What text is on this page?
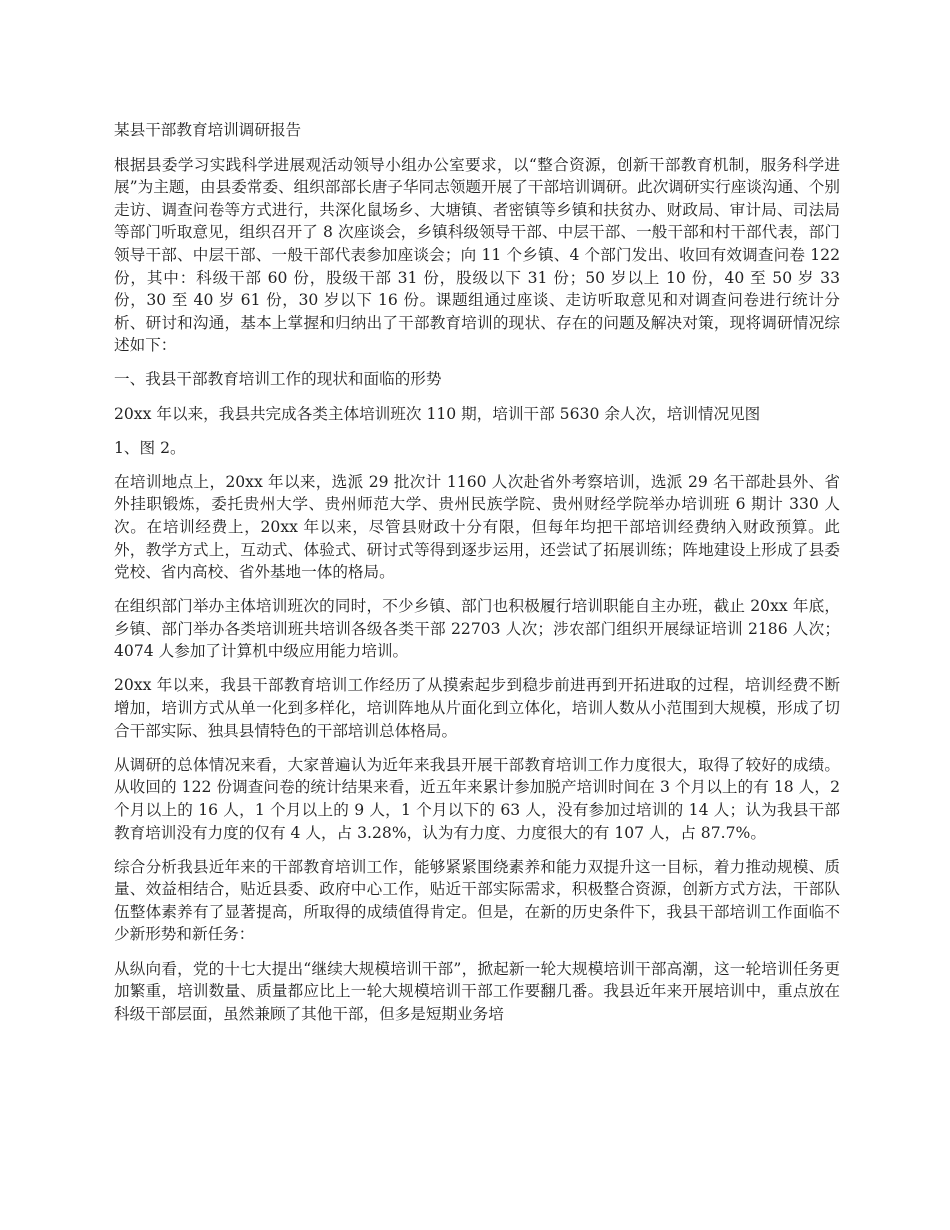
某县干部教育培训调研报告
根据县委学习实践科学进展观活动领导小组办公室要求，以“整合资源，创新干部教育机制，服务科学进展”为主题，由县委常委、组织部部长唐子华同志领题开展了干部培训调研。此次调研实行座谈沟通、个别走访、调查问卷等方式进行，共深化鼠场乡、大塘镇、者密镇等乡镇和扶贫办、财政局、审计局、司法局等部门听取意见，组织召开了 8 次座谈会，乡镇科级领导干部、中层干部、一般干部和村干部代表，部门领导干部、中层干部、一般干部代表参加座谈会；向 11 个乡镇、4 个部门发出、收回有效调查问卷 122 份，其中：科级干部 60 份，股级干部 31 份，股级以下 31 份；50 岁以上 10 份，40 至 50 岁 33 份，30 至 40 岁 61 份，30 岁以下 16 份。课题组通过座谈、走访听取意见和对调查问卷进行统计分析、研讨和沟通，基本上掌握和归纳出了干部教育培训的现状、存在的问题及解决对策，现将调研情况综述如下：
一、我县干部教育培训工作的现状和面临的形势
20xx 年以来，我县共完成各类主体培训班次 110 期，培训干部 5630 余人次，培训情况见图
1、图 2。
在培训地点上，20xx 年以来，选派 29 批次计 1160 人次赴省外考察培训，选派 29 名干部赴县外、省外挂职锻炼，委托贵州大学、贵州师范大学、贵州民族学院、贵州财经学院举办培训班 6 期计 330 人次。在培训经费上，20xx 年以来，尽管县财政十分有限，但每年均把干部培训经费纳入财政预算。此外，教学方式上，互动式、体验式、研讨式等得到逐步运用，还尝试了拓展训练；阵地建设上形成了县委党校、省内高校、省外基地一体的格局。
在组织部门举办主体培训班次的同时，不少乡镇、部门也积极履行培训职能自主办班，截止 20xx 年底，乡镇、部门举办各类培训班共培训各级各类干部 22703 人次；涉农部门组织开展绿证培训 2186 人次；4074 人参加了计算机中级应用能力培训。
20xx 年以来，我县干部教育培训工作经历了从摸索起步到稳步前进再到开拓进取的过程，培训经费不断增加，培训方式从单一化到多样化，培训阵地从片面化到立体化，培训人数从小范围到大规模，形成了切合干部实际、独具县情特色的干部培训总体格局。
从调研的总体情况来看，大家普遍认为近年来我县开展干部教育培训工作力度很大，取得了较好的成绩。从收回的 122 份调查问卷的统计结果来看，近五年来累计参加脱产培训时间在 3 个月以上的有 18 人，2 个月以上的 16 人，1 个月以上的 9 人，1 个月以下的 63 人，没有参加过培训的 14 人；认为我县干部教育培训没有力度的仅有 4 人，占 3.28%，认为有力度、力度很大的有 107 人，占 87.7%。
综合分析我县近年来的干部教育培训工作，能够紧紧围绕素养和能力双提升这一目标，着力推动规模、质量、效益相结合，贴近县委、政府中心工作，贴近干部实际需求，积极整合资源，创新方式方法，干部队伍整体素养有了显著提高，所取得的成绩值得肯定。但是，在新的历史条件下，我县干部培训工作面临不少新形势和新任务：
从纵向看，党的十七大提出“继续大规模培训干部”，掀起新一轮大规模培训干部高潮，这一轮培训任务更加繁重，培训数量、质量都应比上一轮大规模培训干部工作要翻几番。我县近年来开展培训中，重点放在科级干部层面，虽然兼顾了其他干部，但多是短期业务培
